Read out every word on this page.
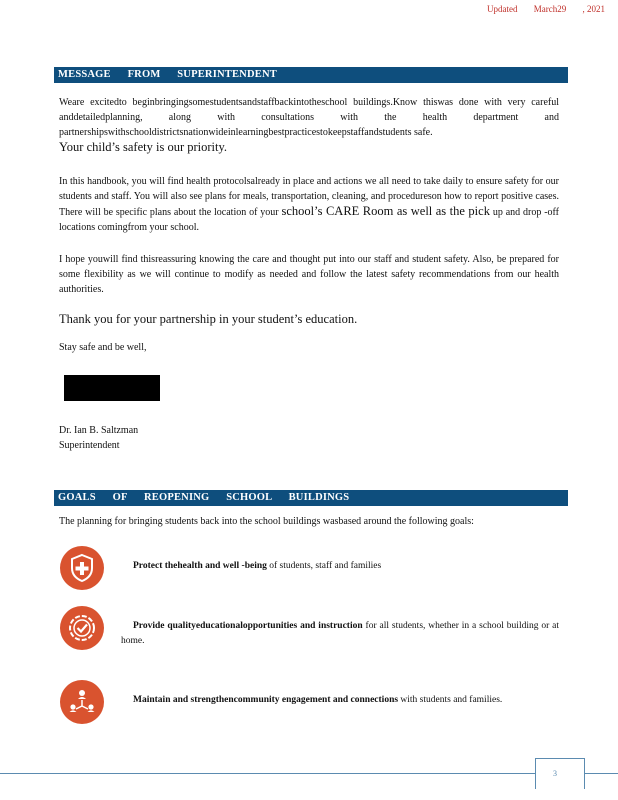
Updated March29 , 2021
MESSAGE FROM SUPERINTENDENT
Weare excitedto beginbringingsomestudentsandstaffbackintotheschool buildings.Know thiswas done with very careful anddetailedplanning, along with consultations with the health department and partnershipswithschooldistrictsnationwideinlearningbestpracticestokeepstaffandstudents safe.
Your child’s safety is our priority.
In this handbook, you will find health protocolsalready in place and actions we all need to take daily to ensure safety for our students and staff. You will also see plans for meals, transportation, cleaning, and procedureson how to report positive cases. There will be specific plans about the location of your school’s CARE Room as well as the pick up and drop -off locations comingfrom your school.
I hope youwill find thisreassuring knowing the care and thought put into our staff and student safety. Also, be prepared for some flexibility as we will continue to modify as needed and follow the latest safety recommendations from our health authorities.
Thank you for your partnership in your student’s education.
Stay safe and be well,
Dr. Ian B. Saltzman
Superintendent
GOALS OF REOPENING SCHOOL BUILDINGS
The planning for bringing students back into the school buildings wasbased around the following goals:
Protect thehealth and well -being of students, staff and families
Provide qualityeducationalopportunities and instruction for all students, whether in a school building or at home.
Maintain and strengthencommunity engagement and connections with students and families.
3
